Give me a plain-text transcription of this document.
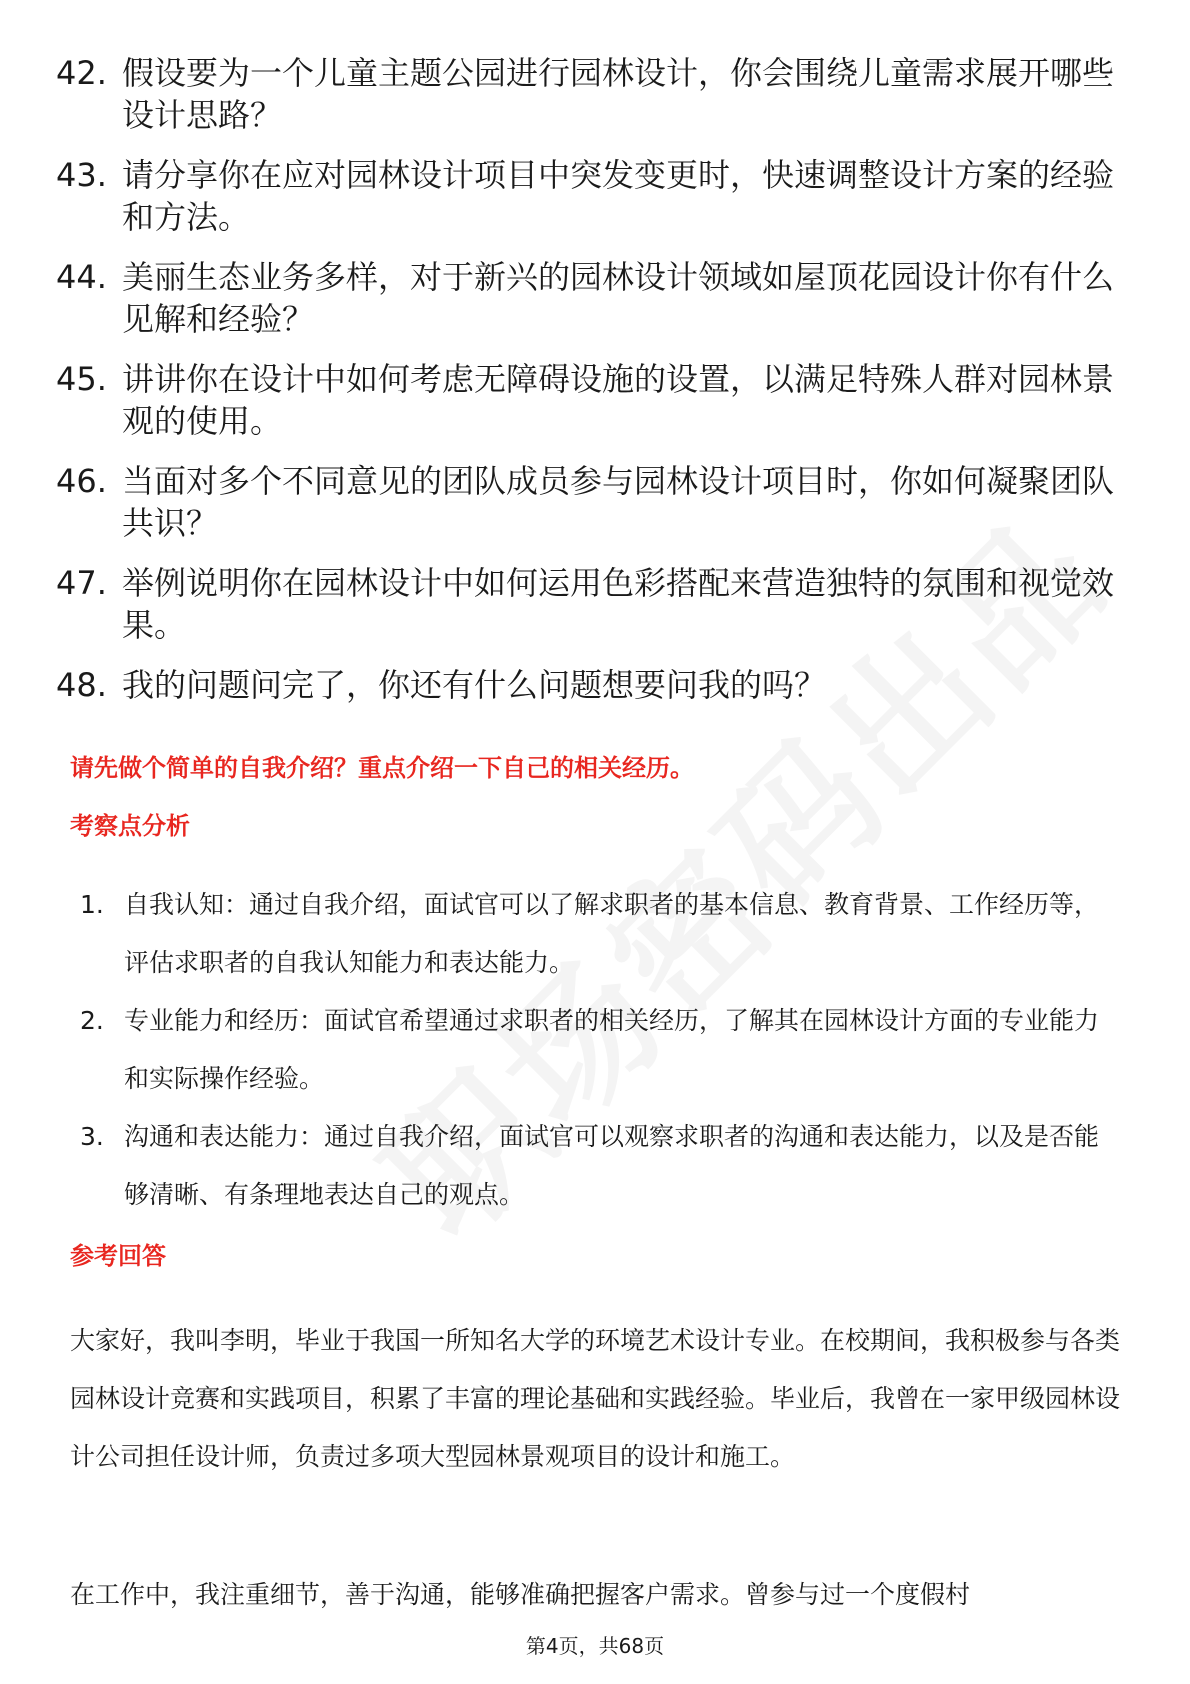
42. 假设要为一个儿童主题公园进行园林设计，你会围绕儿童需求展开哪些设计思路？
43. 请分享你在应对园林设计项目中突发变更时，快速调整设计方案的经验和方法。
44. 美丽生态业务多样，对于新兴的园林设计领域如屋顶花园设计你有什么见解和经验？
45. 讲讲你在设计中如何考虑无障碍设施的设置，以满足特殊人群对园林景观的使用。
46. 当面对多个不同意见的团队成员参与园林设计项目时，你如何凝聚团队共识？
47. 举例说明你在园林设计中如何运用色彩搭配来营造独特的氛围和视觉效果。
48. 我的问题问完了，你还有什么问题想要问我的吗？
请先做个简单的自我介绍？重点介绍一下自己的相关经历。
考察点分析
1. 自我认知：通过自我介绍，面试官可以了解求职者的基本信息、教育背景、工作经历等，评估求职者的自我认知能力和表达能力。
2. 专业能力和经历：面试官希望通过求职者的相关经历，了解其在园林设计方面的专业能力和实际操作经验。
3. 沟通和表达能力：通过自我介绍，面试官可以观察求职者的沟通和表达能力，以及是否能够清晰、有条理地表达自己的观点。
参考回答
大家好，我叫李明，毕业于我国一所知名大学的环境艺术设计专业。在校期间，我积极参与各类园林设计竞赛和实践项目，积累了丰富的理论基础和实践经验。毕业后，我曾在一家甲级园林设计公司担任设计师，负责过多项大型园林景观项目的设计和施工。
在工作中，我注重细节，善于沟通，能够准确把握客户需求。曾参与过一个度假村
第4页，共68页
